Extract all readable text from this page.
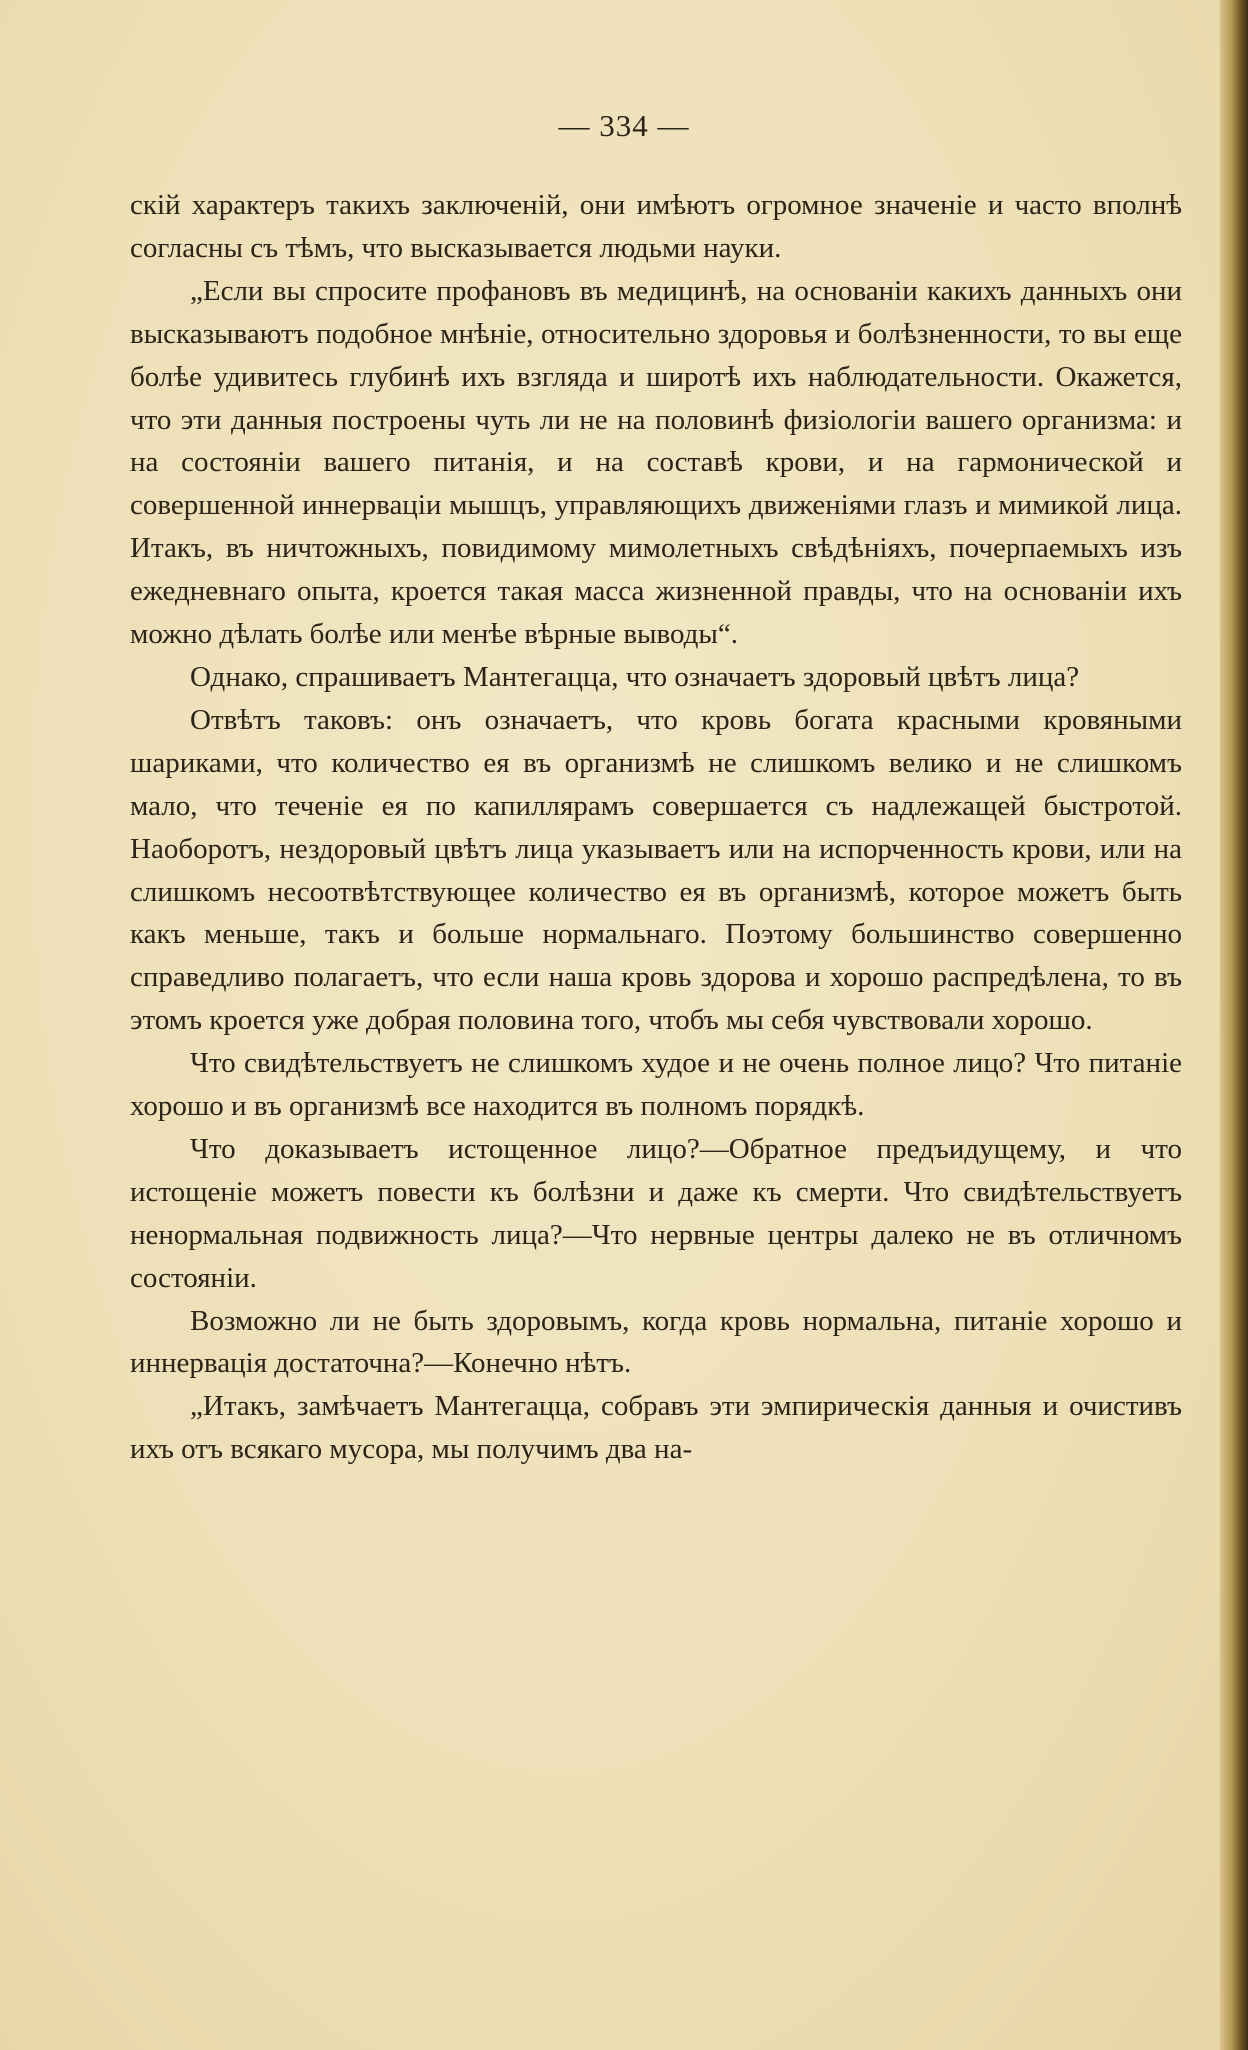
— 334 —

скій характеръ такихъ заключеній, они имѣютъ огромное значеніе и часто вполнѣ согласны съ тѣмъ, что высказывается людьми науки.

„Если вы спросите профановъ въ медицинѣ, на основаніи какихъ данныхъ они высказываютъ подобное мнѣніе, относительно здоровья и болѣзненности, то вы еще болѣе удивитесь глубинѣ ихъ взгляда и широтѣ ихъ наблюдательности. Окажется, что эти данныя построены чуть ли не на половинѣ физіологіи вашего организма: и на состояніи вашего питанія, и на составѣ крови, и на гармонической и совершенной иннерваціи мышцъ, управляющихъ движеніями глазъ и мимикой лица. Итакъ, въ ничтожныхъ, повидимому мимолетныхъ свѣдѣніяхъ, почерпаемыхъ изъ ежедневнаго опыта, кроется такая масса жизненной правды, что на основаніи ихъ можно дѣлать болѣе или менѣе вѣрные выводы“.

Однако, спрашиваетъ Мантегацца, что означаетъ здоровый цвѣтъ лица?

Отвѣтъ таковъ: онъ означаетъ, что кровь богата красными кровяными шариками, что количество ея въ организмѣ не слишкомъ велико и не слишкомъ мало, что теченіе ея по капиллярамъ совершается съ надлежащей быстротой. Наоборотъ, нездоровый цвѣтъ лица указываетъ или на испорченность крови, или на слишкомъ несоотвѣтствующее количество ея въ организмѣ, которое можетъ быть какъ меньше, такъ и больше нормальнаго. Поэтому большинство совершенно справедливо полагаетъ, что если наша кровь здорова и хорошо распредѣлена, то въ этомъ кроется уже добрая половина того, чтобъ мы себя чувствовали хорошо.

Что свидѣтельствуетъ не слишкомъ худое и не очень полное лицо? Что питаніе хорошо и въ организмѣ все находится въ полномъ порядкѣ.

Что доказываетъ истощенное лицо?—Обратное предъидущему, и что истощеніе можетъ повести къ болѣзни и даже къ смерти. Что свидѣтельствуетъ ненормальная подвижность лица?—Что нервные центры далеко не въ отличномъ состояніи.

Возможно ли не быть здоровымъ, когда кровь нормальна, питаніе хорошо и иннервація достаточна?—Конечно нѣтъ.

„Итакъ, замѣчаетъ Мантегацца, собравъ эти эмпирическія данныя и очистивъ ихъ отъ всякаго мусора, мы получимъ два на-
